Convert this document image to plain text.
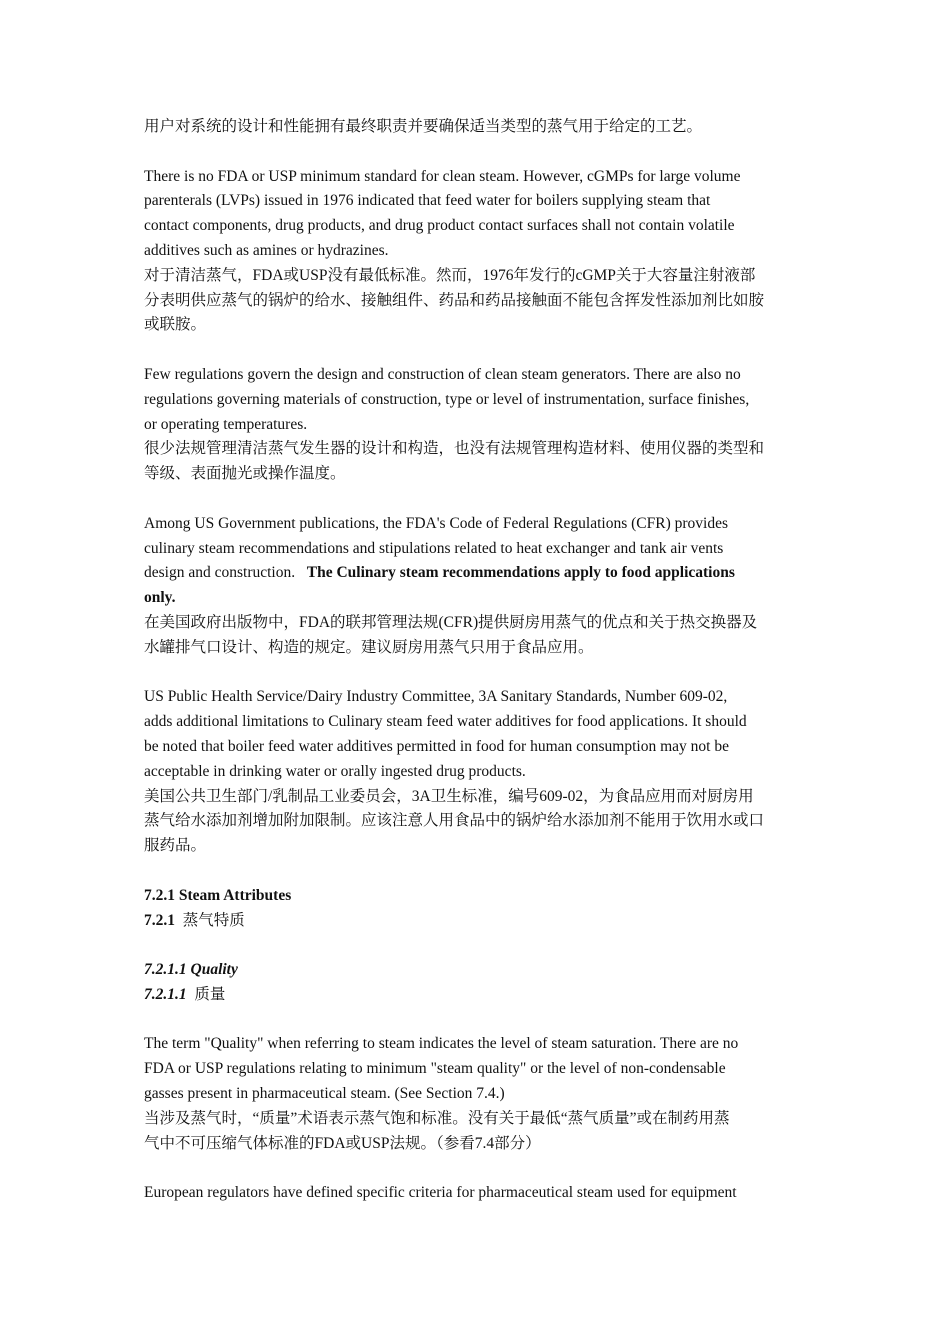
用户对系统的设计和性能拥有最终职责并要确保适当类型的蒸气用于给定的工艺。
There is no FDA or USP minimum standard for clean steam. However, cGMPs for large volume
parenterals (LVPs) issued in 1976 indicated that feed water for boilers supplying steam that
contact components, drug products, and drug product contact surfaces shall not contain volatile
additives such as amines or hydrazines.
对于清洁蒸气，FDA或USP没有最低标准。然而，1976年发行的cGMP关于大容量注射液部
分表明供应蒸气的锅炉的给水、接触组件、药品和药品接触面不能包含挥发性添加剂比如胺
或联胺。
Few regulations govern the design and construction of clean steam generators. There are also no
regulations governing materials of construction, type or level of instrumentation, surface finishes,
or operating temperatures.
很少法规管理清洁蒸气发生器的设计和构造，也没有法规管理构造材料、使用仪器的类型和
等级、表面抛光或操作温度。
Among US Government publications, the FDA's Code of Federal Regulations (CFR) provides
culinary steam recommendations and stipulations related to heat exchanger and tank air vents
design and construction.   The Culinary steam recommendations apply to food applications
only.
在美国政府出版物中，FDA的联邦管理法规(CFR)提供厨房用蒸气的优点和关于热交换器及
水罐排气口设计、构造的规定。建议厨房用蒸气只用于食品应用。
US Public Health Service/Dairy Industry Committee, 3A Sanitary Standards, Number 609-02,
adds additional limitations to Culinary steam feed water additives for food applications. It should
be noted that boiler feed water additives permitted in food for human consumption may not be
acceptable in drinking water or orally ingested drug products.
美国公共卫生部门/乳制品工业委员会，3A卫生标准，编号609-02，为食品应用而对厨房用
蒸气给水添加剂增加附加限制。应该注意人用食品中的锅炉给水添加剂不能用于饮用水或口
服药品。
7.2.1 Steam Attributes
7.2.1 蒸气特质
7.2.1.1 Quality
7.2.1.1 质量
The term "Quality" when referring to steam indicates the level of steam saturation. There are no
FDA or USP regulations relating to minimum "steam quality" or the level of non-condensable
gasses present in pharmaceutical steam. (See Section 7.4.)
当涉及蒸气时，“质量”术语表示蒸气饱和标准。没有关于最低“蒸气质量”或在制药用蒸
气中不可压缩气体标准的FDA或USP法规。（参看7.4部分）
European regulators have defined specific criteria for pharmaceutical steam used for equipment
